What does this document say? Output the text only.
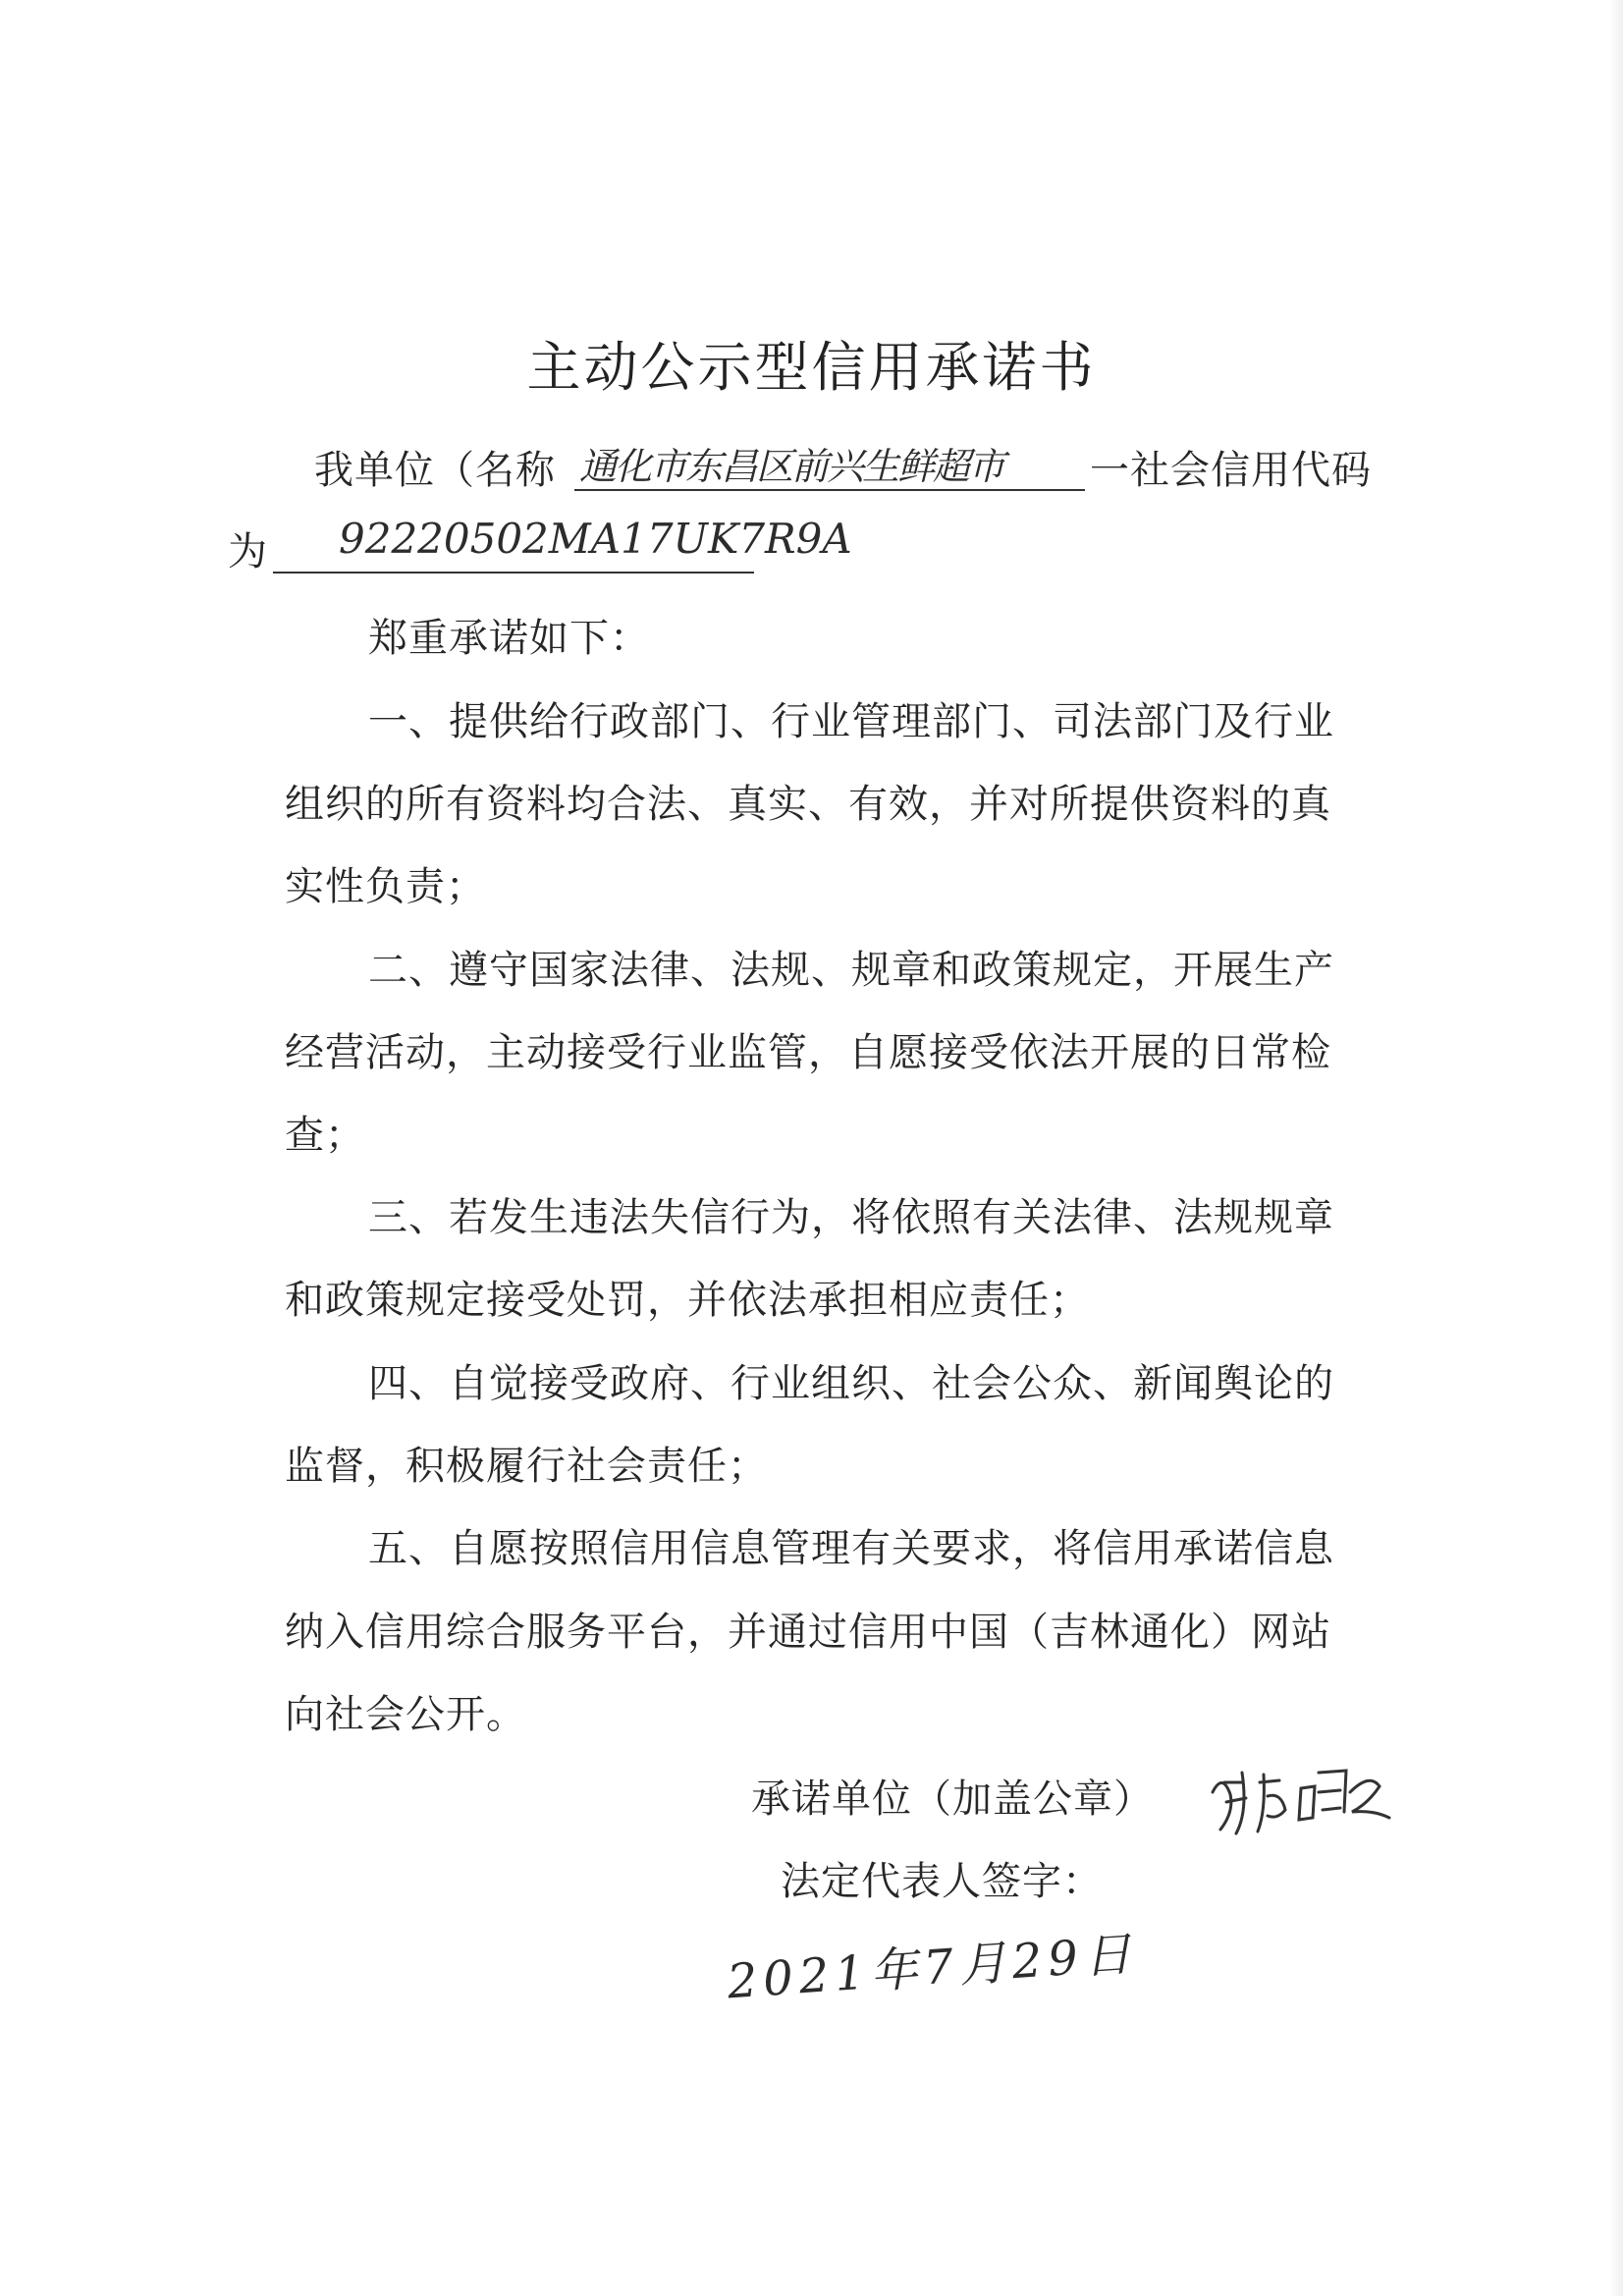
主动公示型信用承诺书
我单位（名称 通化市东昌区前兴生鲜超市 一社会信用代码
为 92220502MA17UK7R9A
郑重承诺如下：
一、提供给行政部门、行业管理部门、司法部门及行业
组织的所有资料均合法、真实、有效，并对所提供资料的真
实性负责；
二、遵守国家法律、法规、规章和政策规定，开展生产
经营活动，主动接受行业监管，自愿接受依法开展的日常检
查；
三、若发生违法失信行为，将依照有关法律、法规规章
和政策规定接受处罚，并依法承担相应责任；
四、自觉接受政府、行业组织、社会公众、新闻舆论的
监督，积极履行社会责任；
五、自愿按照信用信息管理有关要求，将信用承诺信息
纳入信用综合服务平台，并通过信用中国（吉林通化）网站
向社会公开。
承诺单位（加盖公章）
法定代表人签字：
2021年7月29日
